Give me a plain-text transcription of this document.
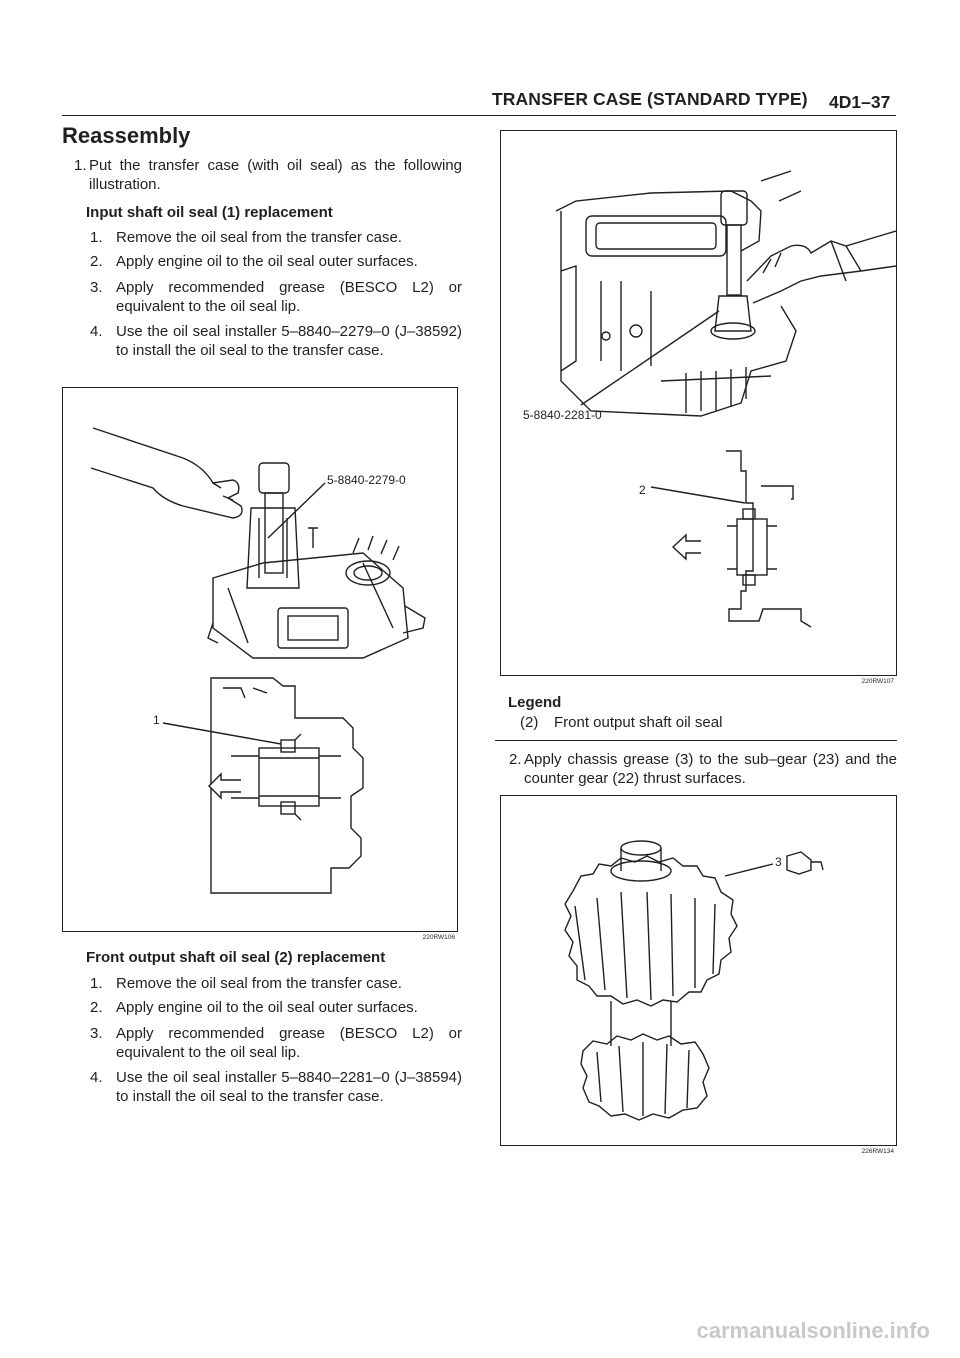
TRANSFER CASE (STANDARD TYPE) 4D1–37
Reassembly
1. Put the transfer case (with oil seal) as the following illustration.
Input shaft oil seal (1) replacement
1. Remove the oil seal from the transfer case.
2. Apply engine oil to the oil seal outer surfaces.
3. Apply recommended grease (BESCO L2) or equivalent to the oil seal lip.
4. Use the oil seal installer 5–8840–2279–0 (J–38592) to install the oil seal to the transfer case.
5-8840-2279-0
1
220RW106
Front output shaft oil seal (2) replacement
1. Remove the oil seal from the transfer case.
2. Apply engine oil to the oil seal outer surfaces.
3. Apply recommended grease (BESCO L2) or equivalent to the oil seal lip.
4. Use the oil seal installer 5–8840–2281–0 (J–38594) to install the oil seal to the transfer case.
5-8840-2281-0
2
220RW107
Legend
(2) Front output shaft oil seal
2. Apply chassis grease (3) to the sub–gear (23) and the counter gear (22) thrust surfaces.
3
226RW134
carmanualsonline.info
